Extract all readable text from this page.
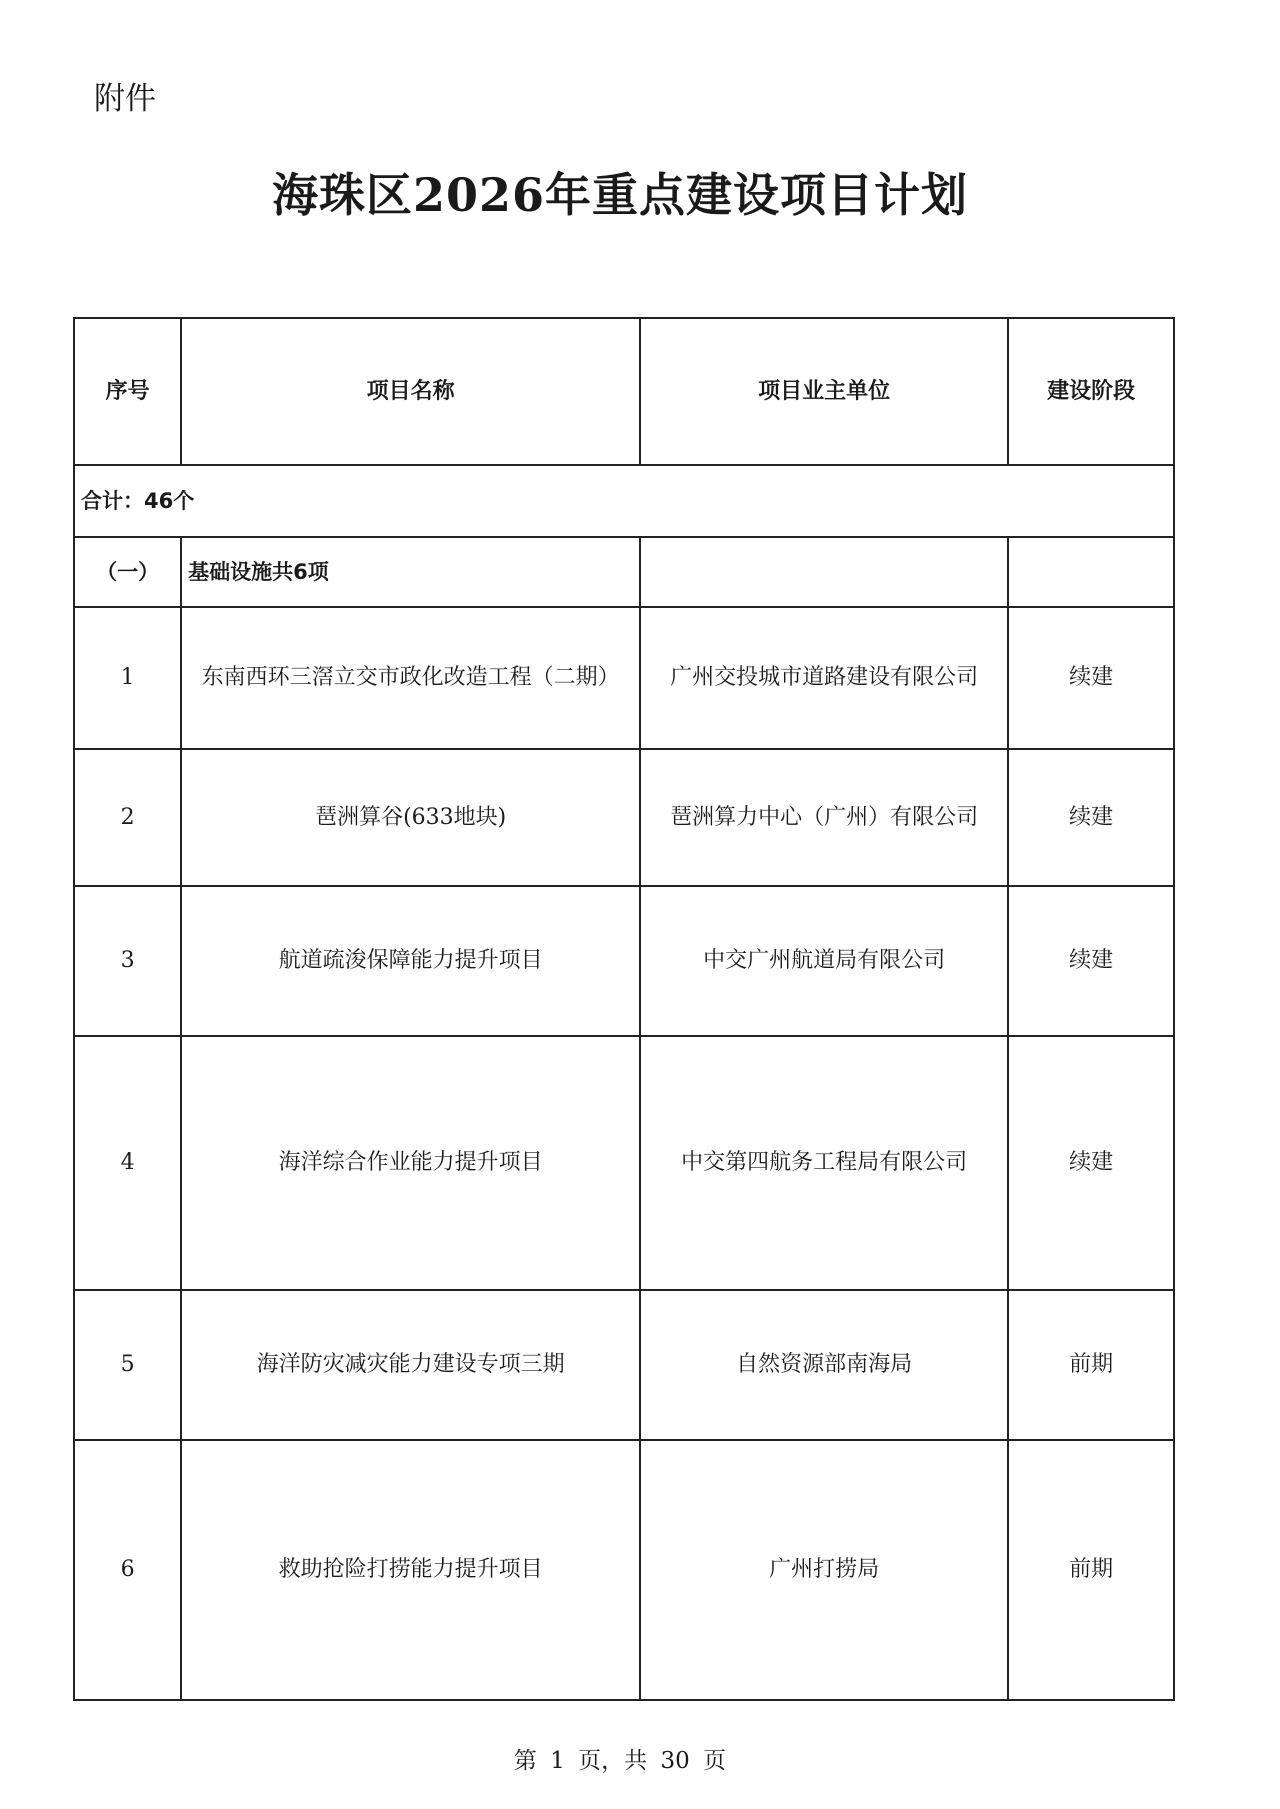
附件
海珠区2026年重点建设项目计划
序号	项目名称	项目业主单位	建设阶段
合计：46个			
（一）	基础设施共6项		
1	东南西环三滘立交市政化改造工程（二期）	广州交投城市道路建设有限公司	续建
2	琶洲算谷(633地块)	琶洲算力中心（广州）有限公司	续建
3	航道疏浚保障能力提升项目	中交广州航道局有限公司	续建
4	海洋综合作业能力提升项目	中交第四航务工程局有限公司	续建
5	海洋防灾减灾能力建设专项三期	自然资源部南海局	前期
6	救助抢险打捞能力提升项目	广州打捞局	前期
第 1 页，共 30 页
